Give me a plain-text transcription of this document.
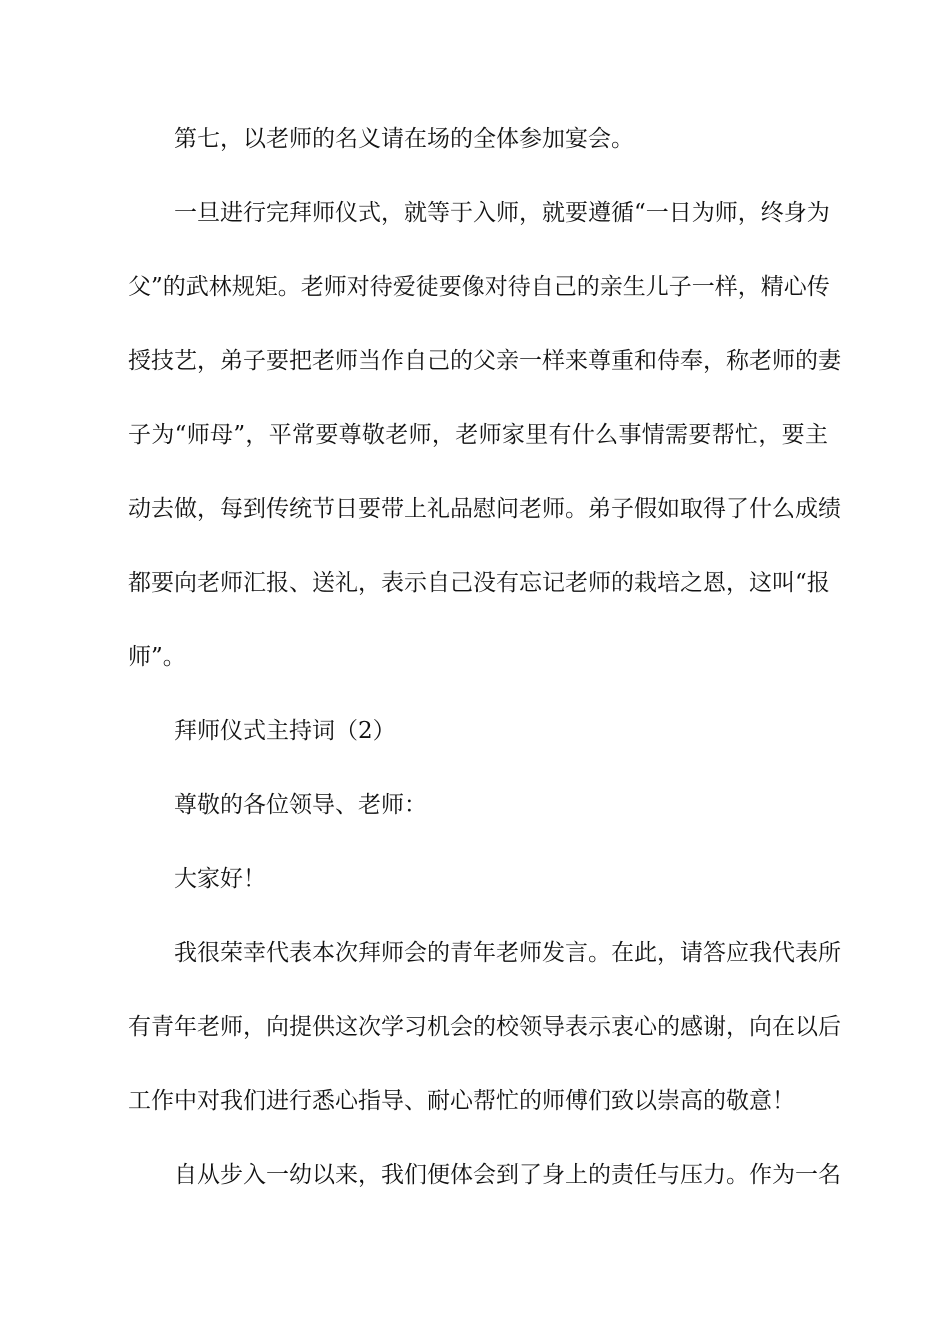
第七，以老师的名义请在场的全体参加宴会。
一旦进行完拜师仪式，就等于入师，就要遵循“一日为师，终身为
父”的武林规矩。老师对待爱徒要像对待自己的亲生儿子一样，精心传
授技艺，弟子要把老师当作自己的父亲一样来尊重和侍奉，称老师的妻
子为“师母”，平常要尊敬老师，老师家里有什么事情需要帮忙，要主
动去做，每到传统节日要带上礼品慰问老师。弟子假如取得了什么成绩
都要向老师汇报、送礼，表示自己没有忘记老师的栽培之恩，这叫“报
师”。
拜师仪式主持词（2）
尊敬的各位领导、老师：
大家好！
我很荣幸代表本次拜师会的青年老师发言。在此，请答应我代表所
有青年老师，向提供这次学习机会的校领导表示衷心的感谢，向在以后
工作中对我们进行悉心指导、耐心帮忙的师傅们致以崇高的敬意！
自从步入一幼以来，我们便体会到了身上的责任与压力。作为一名
